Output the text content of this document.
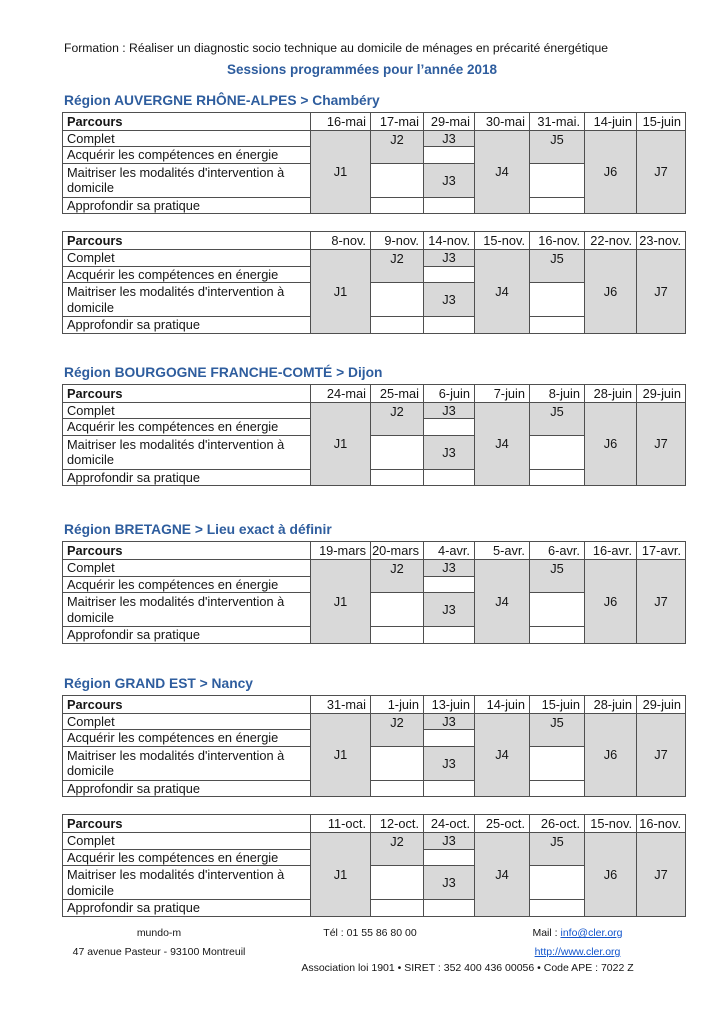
Formation : Réaliser un diagnostic socio technique au domicile de ménages en précarité énergétique

Sessions programmées pour l’année 2018

Région AUVERGNE RHÔNE-ALPES > Chambéry
Parcours	16-mai	17-mai	29-mai	30-mai	31-mai.	14-juin	15-juin
Complet	J1	J2	J3	J4	J5	J6	J7
Acquérir les compétences en énergie							
Maitriser les modalités d'intervention à domicile			J3				
Approfondir sa pratique							
Parcours	8-nov.	9-nov.	14-nov.	15-nov.	16-nov.	22-nov.	23-nov.
Complet	J1	J2	J3	J4	J5	J6	J7
Acquérir les compétences en énergie							
Maitriser les modalités d'intervention à domicile			J3				
Approfondir sa pratique							
Région BOURGOGNE FRANCHE-COMTÉ > Dijon
Parcours	24-mai	25-mai	6-juin	7-juin	8-juin	28-juin	29-juin
Complet	J1	J2	J3	J4	J5	J6	J7
Acquérir les compétences en énergie							
Maitriser les modalités d'intervention à domicile			J3				
Approfondir sa pratique							
Région BRETAGNE > Lieu exact à définir
Parcours	19-mars	20-mars	4-avr.	5-avr.	6-avr.	16-avr.	17-avr.
Complet	J1	J2	J3	J4	J5	J6	J7
Acquérir les compétences en énergie							
Maitriser les modalités d'intervention à domicile			J3				
Approfondir sa pratique							
Région GRAND EST > Nancy
Parcours	31-mai	1-juin	13-juin	14-juin	15-juin	28-juin	29-juin
Complet	J1	J2	J3	J4	J5	J6	J7
Acquérir les compétences en énergie							
Maitriser les modalités d'intervention à domicile			J3				
Approfondir sa pratique							
Parcours	11-oct.	12-oct.	24-oct.	25-oct.	26-oct.	15-nov.	16-nov.
Complet	J1	J2	J3	J4	J5	J6	J7
Acquérir les compétences en énergie							
Maitriser les modalités d'intervention à domicile			J3				
Approfondir sa pratique							
mundo-m
47 avenue Pasteur - 93100 Montreuil
Tél : 01 55 86 80 00	Mail : info@cler.org
http://www.cler.org
Association loi 1901 • SIRET : 352 400 436 00056 • Code APE : 7022 Z
